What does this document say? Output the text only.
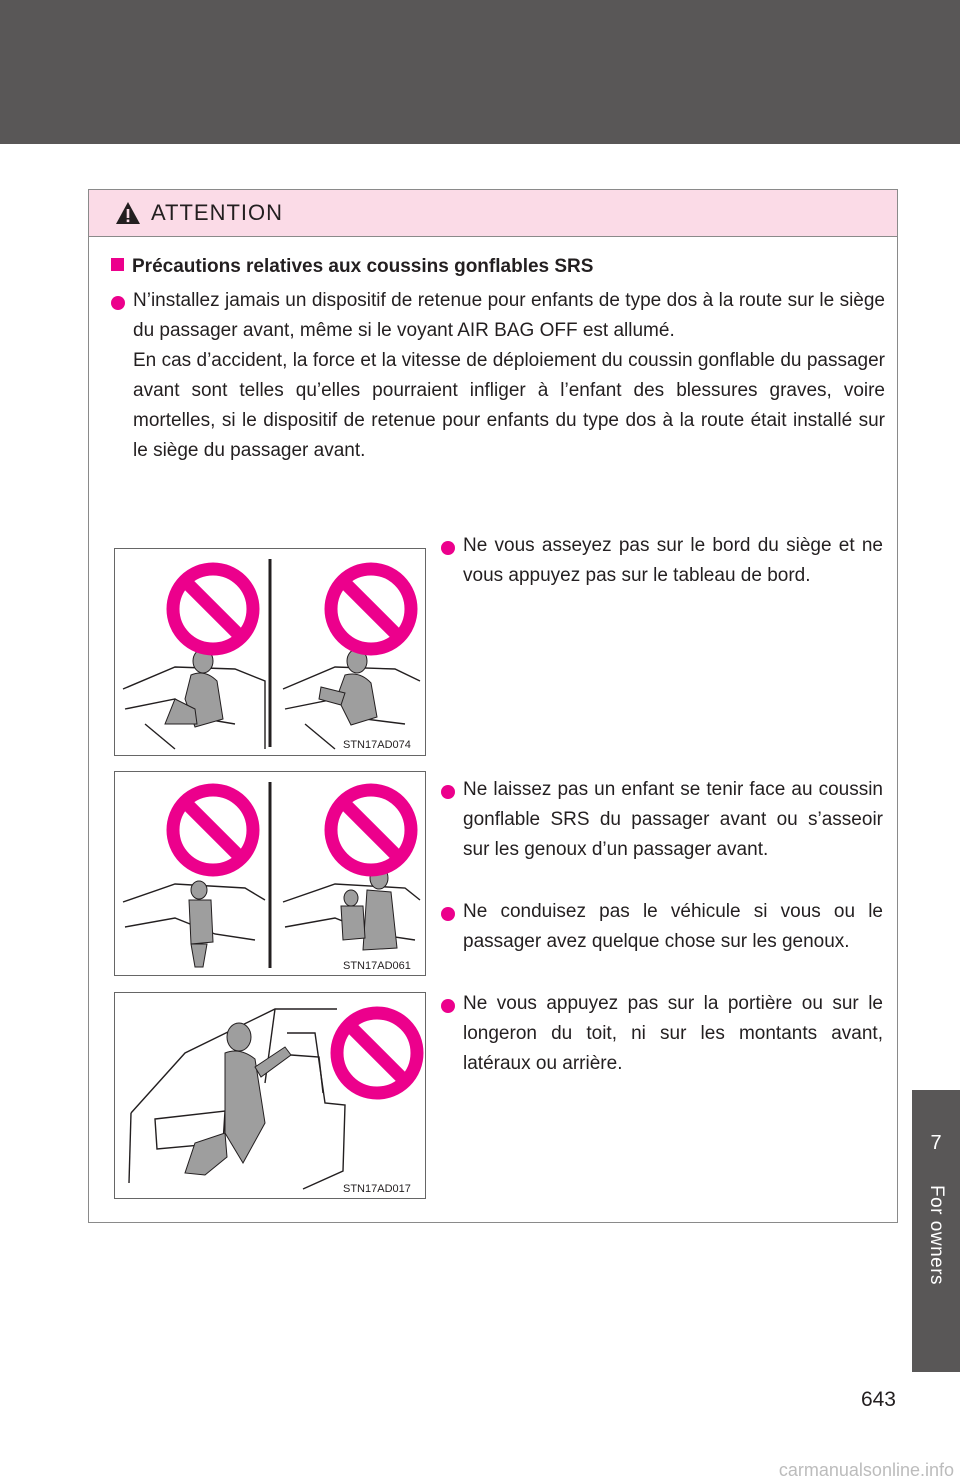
7
For owners
643
carmanualsonline.info
ATTENTION
Précautions relatives aux coussins gonflables SRS
N’installez jamais un dispositif de retenue pour enfants de type dos à la route sur le siège du passager avant, même si le voyant AIR BAG OFF est allumé.
En cas d’accident, la force et la vitesse de déploiement du coussin gonflable du passager avant sont telles qu’elles pourraient infliger à l’enfant des blessures graves, voire mortelles, si le dispositif de retenue pour enfants du type dos à la route était installé sur le siège du passager avant.
Ne vous asseyez pas sur le bord du siège et ne vous appuyez pas sur le tableau de bord.
Ne laissez pas un enfant se tenir face au coussin gonflable SRS du passager avant ou s’asseoir sur les genoux d’un passager avant.
Ne conduisez pas le véhicule si vous ou le passager avez quelque chose sur les genoux.
Ne vous appuyez pas sur la portière ou sur le longeron du toit, ni sur les montants avant, latéraux ou arrière.
STN17AD074
STN17AD061
STN17AD017
